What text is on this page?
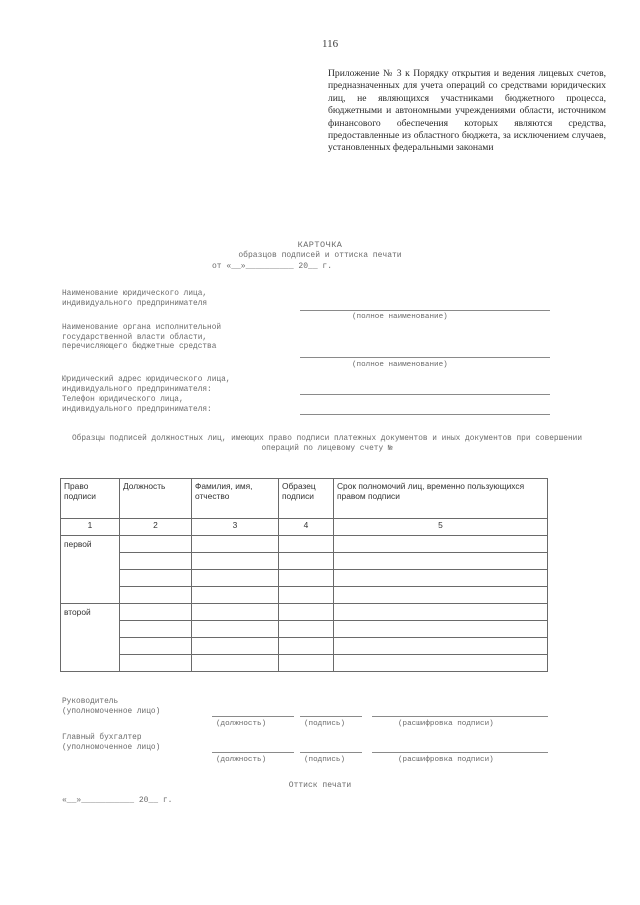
116
Приложение № 3 к Порядку открытия и ведения лицевых счетов, предназначенных для учета операций со средствами юридических лиц, не являющихся участниками бюджетного процесса, бюджетными и автономными учреждениями области, источником финансового обеспечения которых являются средства, предоставленные из областного бюджета, за исключением случаев, установленных федеральными законами
КАРТОЧКА
образцов подписей и оттиска печати
от «__»__________ 20__ г.
Наименование юридического лица,
индивидуального предпринимателя
(полное наименование)
Наименование органа исполнительной
государственной власти области,
перечисляющего бюджетные средства
(полное наименование)
Юридический адрес юридического лица,
индивидуального предпринимателя:
Телефон юридического лица,
индивидуального предпринимателя:
Образцы подписей должностных лиц, имеющих право подписи платежных документов и иных документов при совершении операций по лицевому счету №
Право подписи	Должность	Фамилия, имя, отчество	Образец подписи	Срок полномочий лиц, временно пользующихся правом подписи
1	2	3	4	5
первой				

второй				

Руководитель
(уполномоченное лицо)
(должность)	(подпись)	(расшифровка подписи)
Главный бухгалтер
(уполномоченное лицо)
(должность)	(подпись)	(расшифровка подписи)
Оттиск печати
«__»___________ 20__ г.
